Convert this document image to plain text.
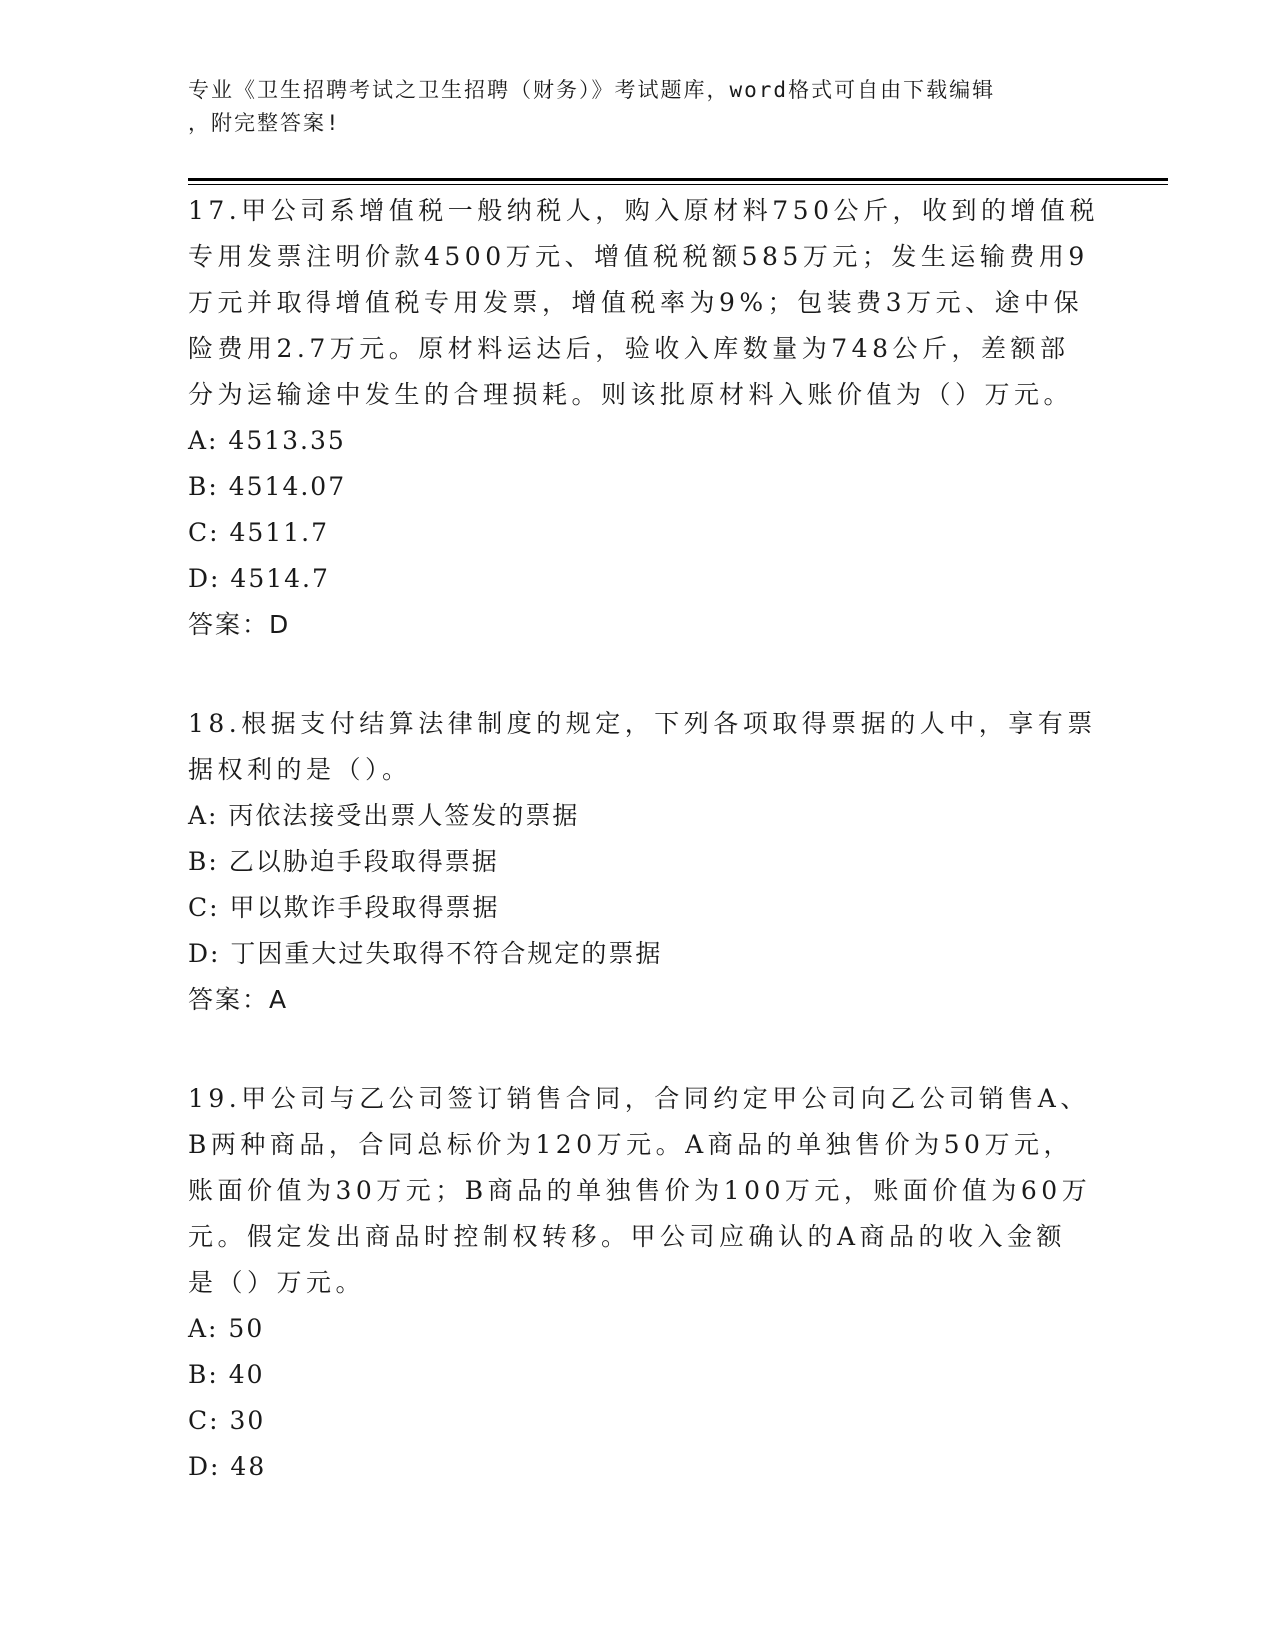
专业《卫生招聘考试之卫生招聘（财务）》考试题库，word格式可自由下载编辑
，附完整答案!
17.甲公司系增值税一般纳税人，购入原材料750公斤，收到的增值税
专用发票注明价款4500万元、增值税税额585万元；发生运输费用9
万元并取得增值税专用发票，增值税率为9%；包装费3万元、途中保
险费用2.7万元。原材料运达后，验收入库数量为748公斤，差额部
分为运输途中发生的合理损耗。则该批原材料入账价值为（）万元。
A: 4513.35
B: 4514.07
C: 4511.7
D: 4514.7
答案：D
18.根据支付结算法律制度的规定，下列各项取得票据的人中，享有票
据权利的是（）。
A: 丙依法接受出票人签发的票据
B: 乙以胁迫手段取得票据
C: 甲以欺诈手段取得票据
D: 丁因重大过失取得不符合规定的票据
答案：A
19.甲公司与乙公司签订销售合同，合同约定甲公司向乙公司销售A、
B两种商品，合同总标价为120万元。A商品的单独售价为50万元，
账面价值为30万元；B商品的单独售价为100万元，账面价值为60万
元。假定发出商品时控制权转移。甲公司应确认的A商品的收入金额
是（）万元。
A: 50
B: 40
C: 30
D: 48
